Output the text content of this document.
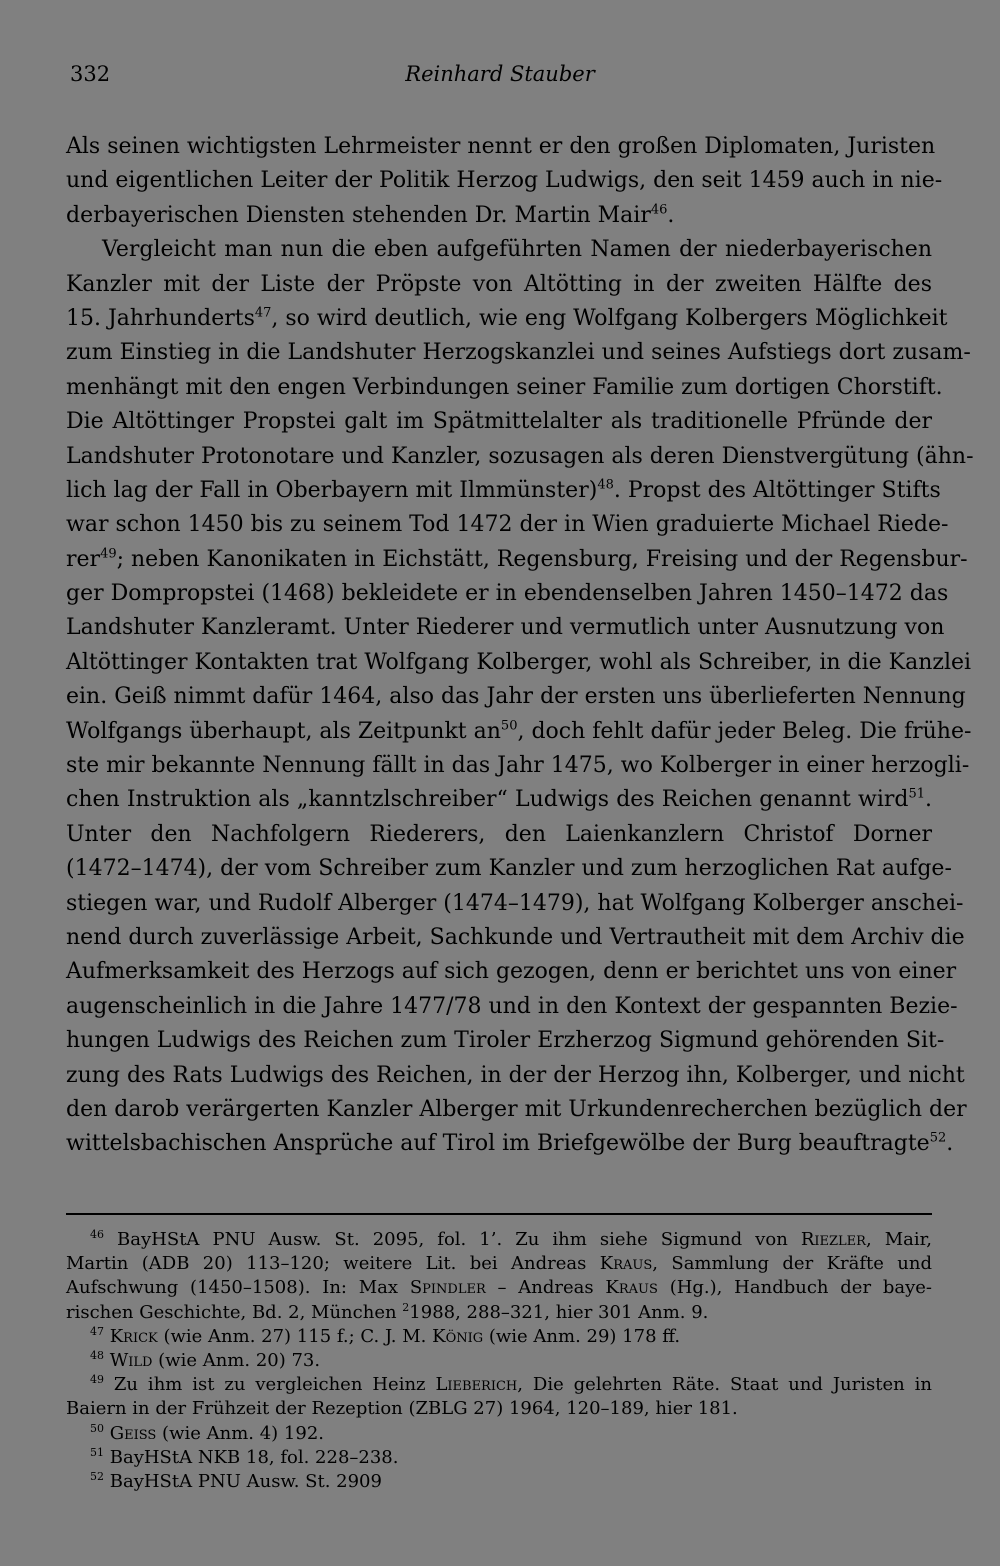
332	Reinhard Stauber
Als seinen wichtigsten Lehrmeister nennt er den großen Diplomaten, Juristen
und eigentlichen Leiter der Politik Herzog Ludwigs, den seit 1459 auch in nie-
derbayerischen Diensten stehenden Dr. Martin Mair$^{46}$.
Vergleicht man nun die eben aufgeführten Namen der niederbayerischen
Kanzler mit der Liste der Pröpste von Altötting in der zweiten Hälfte des
15. Jahrhunderts$^{47}$, so wird deutlich, wie eng Wolfgang Kolbergers Möglichkeit
zum Einstieg in die Landshuter Herzogskanzlei und seines Aufstiegs dort zusam-
menhängt mit den engen Verbindungen seiner Familie zum dortigen Chorstift.
Die Altöttinger Propstei galt im Spätmittelalter als traditionelle Pfründe der
Landshuter Protonotare und Kanzler, sozusagen als deren Dienstvergütung (ähn-
lich lag der Fall in Oberbayern mit Ilmmünster)$^{48}$. Propst des Altöttinger Stifts
war schon 1450 bis zu seinem Tod 1472 der in Wien graduierte Michael Riede-
rer$^{49}$; neben Kanonikaten in Eichstätt, Regensburg, Freising und der Regensbur-
ger Dompropstei (1468) bekleidete er in ebendenselben Jahren 1450–1472 das
Landshuter Kanzleramt. Unter Riederer und vermutlich unter Ausnutzung von
Altöttinger Kontakten trat Wolfgang Kolberger, wohl als Schreiber, in die Kanzlei
ein. Geiß nimmt dafür 1464, also das Jahr der ersten uns überlieferten Nennung
Wolfgangs überhaupt, als Zeitpunkt $an^{50}$, doch fehlt dafür jeder Beleg. Die frühe-
ste mir bekannte Nennung fällt in das Jahr 1475, wo Kolberger in einer herzogli-
chen Instruktion als „kanntzlschreiber“ Ludwigs des Reichen genannt wird$^{51}$.
Unter den Nachfolgern Riederers, den Laienkanzlern Christof Dorner
(1472–1474), der vom Schreiber zum Kanzler und zum herzoglichen Rat aufge-
stiegen war, und Rudolf Alberger (1474–1479), hat Wolfgang Kolberger anschei-
nend durch zuverlässige Arbeit, Sachkunde und Vertrautheit mit dem Archiv die
Aufmerksamkeit des Herzogs auf sich gezogen, denn er berichtet uns von einer
augenscheinlich in die Jahre 1477/78 und in den Kontext der gespannten Bezie-
hungen Ludwigs des Reichen zum Tiroler Erzherzog Sigmund gehörenden Sit-
zung des Rats Ludwigs des Reichen, in der der Herzog ihn, Kolberger, und nicht
den darob verärgerten Kanzler Alberger mit Urkundenrecherchen bezüglich der
wittelsbachischen Ansprüche auf Tirol im Briefgewölbe der Burg beauftragte$^{52}$.
$^{46}$ BayHStA PNU Ausw. St. 2095, fol. 1’. Zu ihm siehe Sigmund von Riezler, Mair,
Martin (ADB 20) 113–120; weitere Lit. bei Andreas Kraus, Sammlung der Kräfte und
Aufschwung (1450–1508). In: Max Spindler – Andreas Kraus (Hg.), Handbuch der baye-
rischen Geschichte, Bd. 2, München $^2$1988, 288–321, hier 301 Anm. 9.
$^{47}$ Krick (wie Anm. 27) 115 f.; C. J. M. König (wie Anm. 29) 178 ff.
$^{48}$ Wild (wie Anm. 20) 73.
$^{49}$ Zu ihm ist zu vergleichen Heinz Lieberich, Die gelehrten Räte. Staat und Juristen in
Baiern in der Frühzeit der Rezeption (ZBLG 27) 1964, 120–189, hier 181.
$^{50}$ Geiss (wie Anm. 4) 192.
$^{51}$ BayHStA NKB 18, fol. 228–238.
$^{52}$ BayHStA PNU Ausw. St. 2909
